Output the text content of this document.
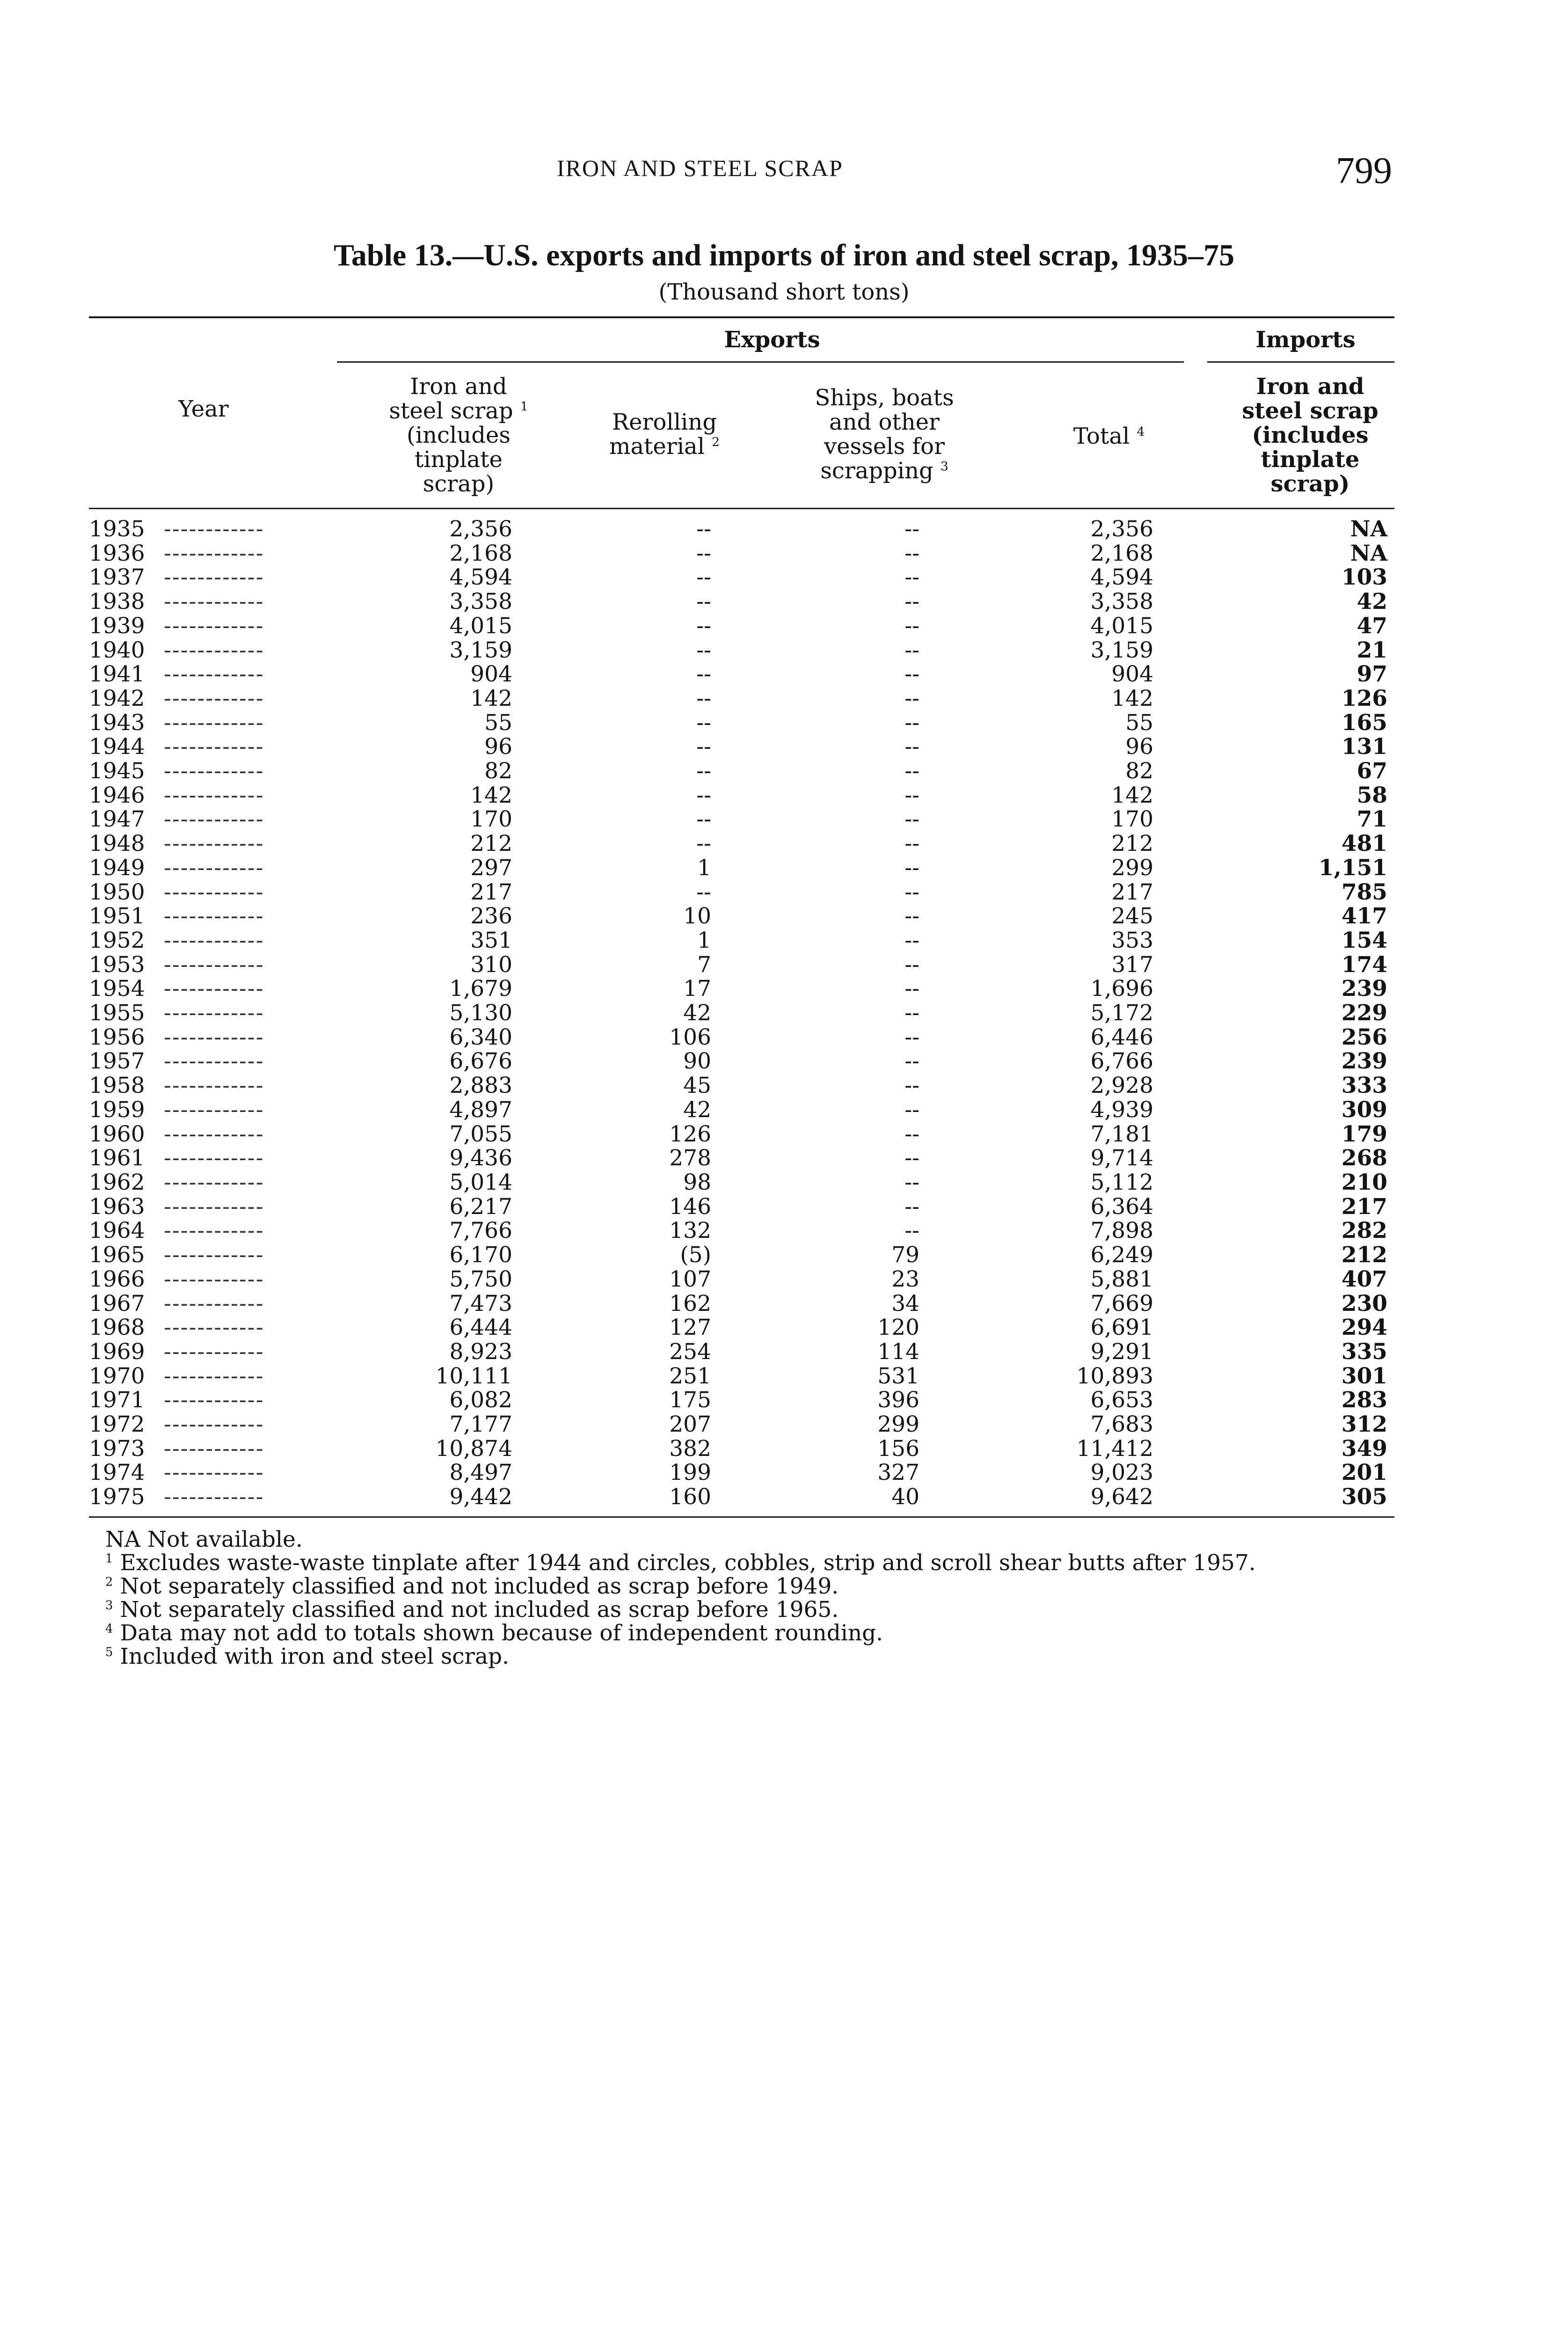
IRON AND STEEL SCRAP	799
Table 13.—U.S. exports and imports of iron and steel scrap, 1935–75
(Thousand short tons)
Exports	Imports
Year
Iron and
steel scrap $^1$
(includes
tinplate
scrap)
Rerolling
material $^2$
Ships, boats
and other
vessels for
scrapping $^3$
Total $^4$
Iron and
steel scrap
(includes
tinplate
scrap)
1935	------------	2,356	--	--	2,356	NA
1936	------------	2,168	--	--	2,168	NA
1937	------------	4,594	--	--	4,594	103
1938	------------	3,358	--	--	3,358	42
1939	------------	4,015	--	--	4,015	47
1940	------------	3,159	--	--	3,159	21
1941	------------	904	--	--	904	97
1942	------------	142	--	--	142	126
1943	------------	55	--	--	55	165
1944	------------	96	--	--	96	131
1945	------------	82	--	--	82	67
1946	------------	142	--	--	142	58
1947	------------	170	--	--	170	71
1948	------------	212	--	--	212	481
1949	------------	297	1	--	299	1,151
1950	------------	217	--	--	217	785
1951	------------	236	10	--	245	417
1952	------------	351	1	--	353	154
1953	------------	310	7	--	317	174
1954	------------	1,679	17	--	1,696	239
1955	------------	5,130	42	--	5,172	229
1956	------------	6,340	106	--	6,446	256
1957	------------	6,676	90	--	6,766	239
1958	------------	2,883	45	--	2,928	333
1959	------------	4,897	42	--	4,939	309
1960	------------	7,055	126	--	7,181	179
1961	------------	9,436	278	--	9,714	268
1962	------------	5,014	98	--	5,112	210
1963	------------	6,217	146	--	6,364	217
1964	------------	7,766	132	--	7,898	282
1965	------------	6,170	(5)	79	6,249	212
1966	------------	5,750	107	23	5,881	407
1967	------------	7,473	162	34	7,669	230
1968	------------	6,444	127	120	6,691	294
1969	------------	8,923	254	114	9,291	335
1970	------------	10,111	251	531	10,893	301
1971	------------	6,082	175	396	6,653	283
1972	------------	7,177	207	299	7,683	312
1973	------------	10,874	382	156	11,412	349
1974	------------	8,497	199	327	9,023	201
1975	------------	9,442	160	40	9,642	305

NA Not available.

$^1$ Excludes waste-waste tinplate after 1944 and circles, cobbles, strip and scroll shear butts after 1957.

$^2$ Not separately classified and not included as scrap before 1949.

$^3$ Not separately classified and not included as scrap before 1965.

$^4$ Data may not add to totals shown because of independent rounding.

$^5$ Included with iron and steel scrap.
